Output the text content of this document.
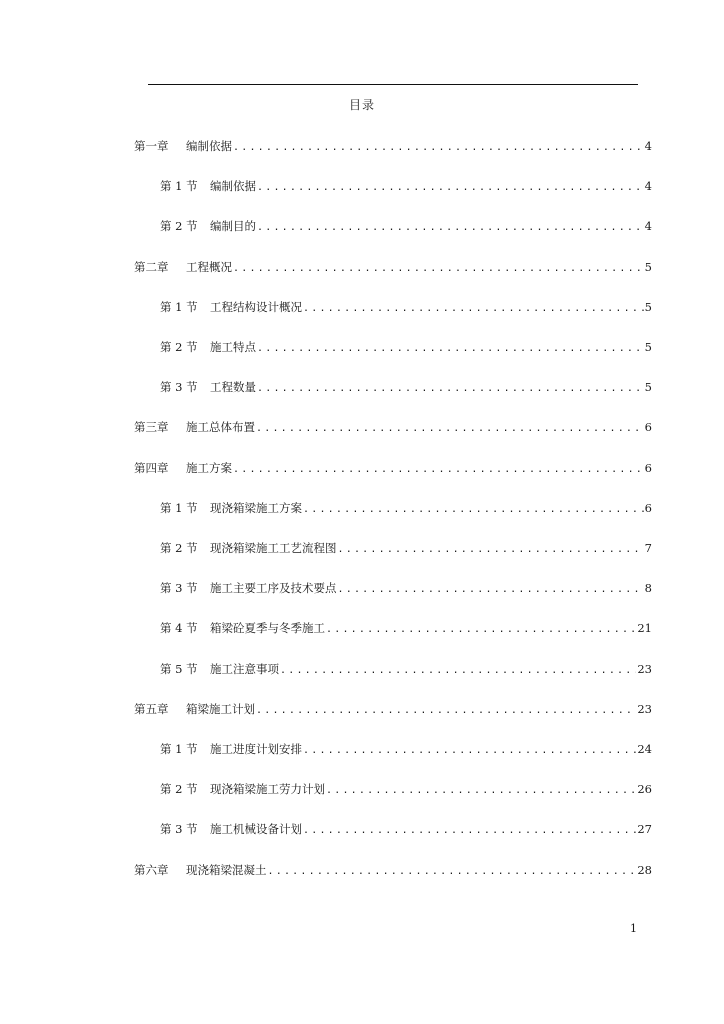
目录
第一章	编制依据 .....	4
第 1 节	编制依据 .....	4
第 2 节	编制目的 .....	4
第二章	工程概况 .....	5
第 1 节	工程结构设计概况 .....	5
第 2 节	施工特点 .....	5
第 3 节	工程数量 .....	5
第三章	施工总体布置 .....	6
第四章	施工方案 .....	6
第 1 节	现浇箱梁施工方案 .....	6
第 2 节	现浇箱梁施工工艺流程图 .....	7
第 3 节	施工主要工序及技术要点 .....	8
第 4 节	箱梁砼夏季与冬季施工 .....	21
第 5 节	施工注意事项 .....	23
第五章	箱梁施工计划 .....	23
第 1 节	施工进度计划安排 .....	24
第 2 节	现浇箱梁施工劳力计划 .....	26
第 3 节	施工机械设备计划 .....	27
第六章	现浇箱梁混凝土 .....	28
1
